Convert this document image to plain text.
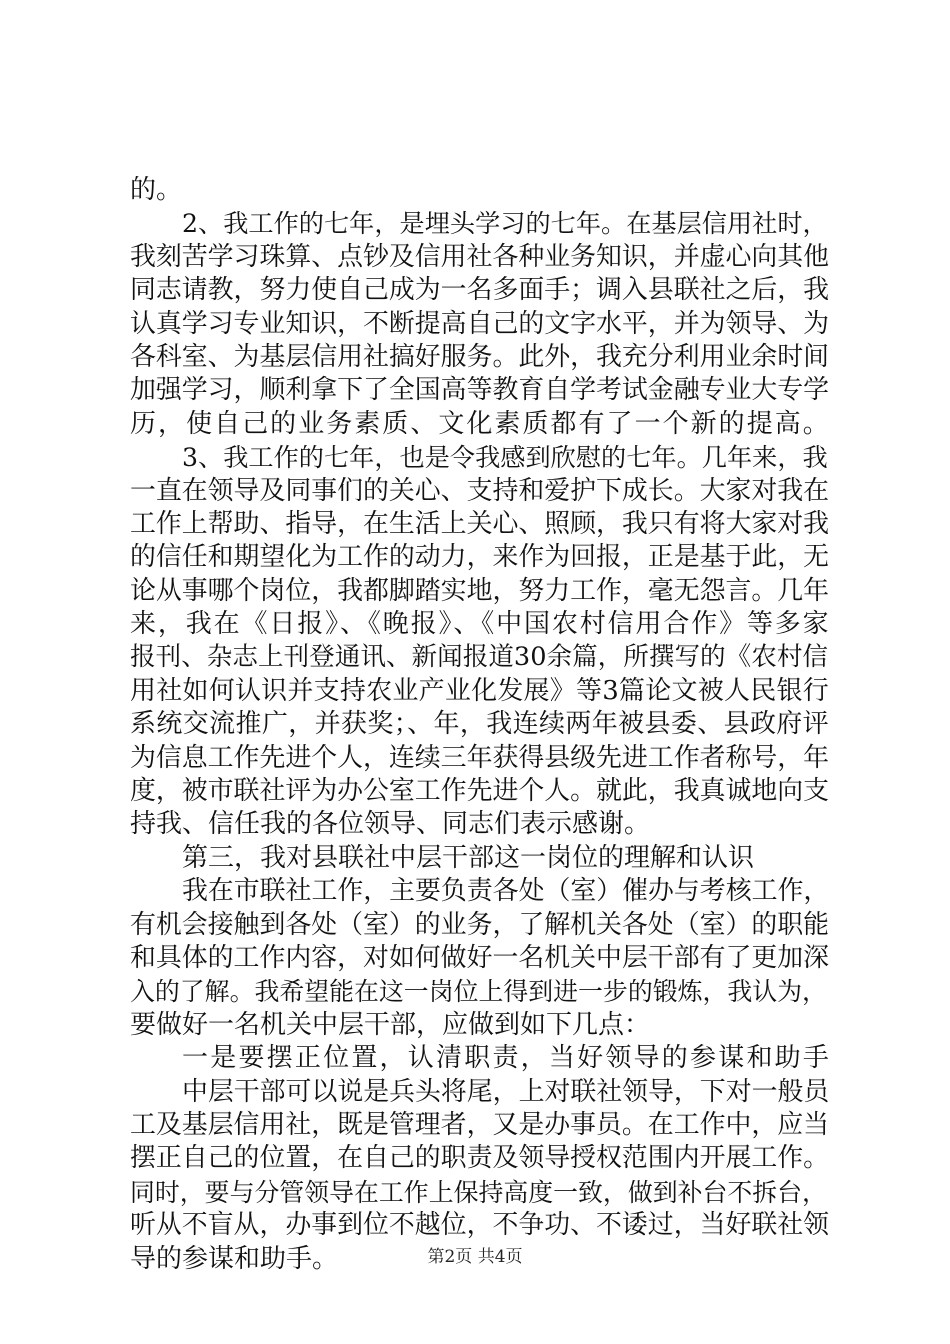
的。
2、我工作的七年，是埋头学习的七年。在基层信用社时，
我刻苦学习珠算、点钞及信用社各种业务知识，并虚心向其他
同志请教，努力使自己成为一名多面手；调入县联社之后，我
认真学习专业知识，不断提高自己的文字水平，并为领导、为
各科室、为基层信用社搞好服务。此外，我充分利用业余时间
加强学习，顺利拿下了全国高等教育自学考试金融专业大专学
历，使自己的业务素质、文化素质都有了一个新的提高。
3、我工作的七年，也是令我感到欣慰的七年。几年来，我
一直在领导及同事们的关心、支持和爱护下成长。大家对我在
工作上帮助、指导，在生活上关心、照顾，我只有将大家对我
的信任和期望化为工作的动力，来作为回报，正是基于此，无
论从事哪个岗位，我都脚踏实地，努力工作，毫无怨言。几年
来，我在《日报》、《晚报》、《中国农村信用合作》等多家
报刊、杂志上刊登通讯、新闻报道30余篇，所撰写的《农村信
用社如何认识并支持农业产业化发展》等3篇论文被人民银行
系统交流推广，并获奖；、年，我连续两年被县委、县政府评
为信息工作先进个人，连续三年获得县级先进工作者称号，年
度，被市联社评为办公室工作先进个人。就此，我真诚地向支
持我、信任我的各位领导、同志们表示感谢。
第三，我对县联社中层干部这一岗位的理解和认识
我在市联社工作，主要负责各处（室）催办与考核工作，
有机会接触到各处（室）的业务，了解机关各处（室）的职能
和具体的工作内容，对如何做好一名机关中层干部有了更加深
入的了解。我希望能在这一岗位上得到进一步的锻炼，我认为，
要做好一名机关中层干部，应做到如下几点：
一是要摆正位置，认清职责，当好领导的参谋和助手
中层干部可以说是兵头将尾，上对联社领导，下对一般员
工及基层信用社，既是管理者，又是办事员。在工作中，应当
摆正自己的位置，在自己的职责及领导授权范围内开展工作。
同时，要与分管领导在工作上保持高度一致，做到补台不拆台，
听从不盲从，办事到位不越位，不争功、不诿过，当好联社领
导的参谋和助手。	第2页 共4页
